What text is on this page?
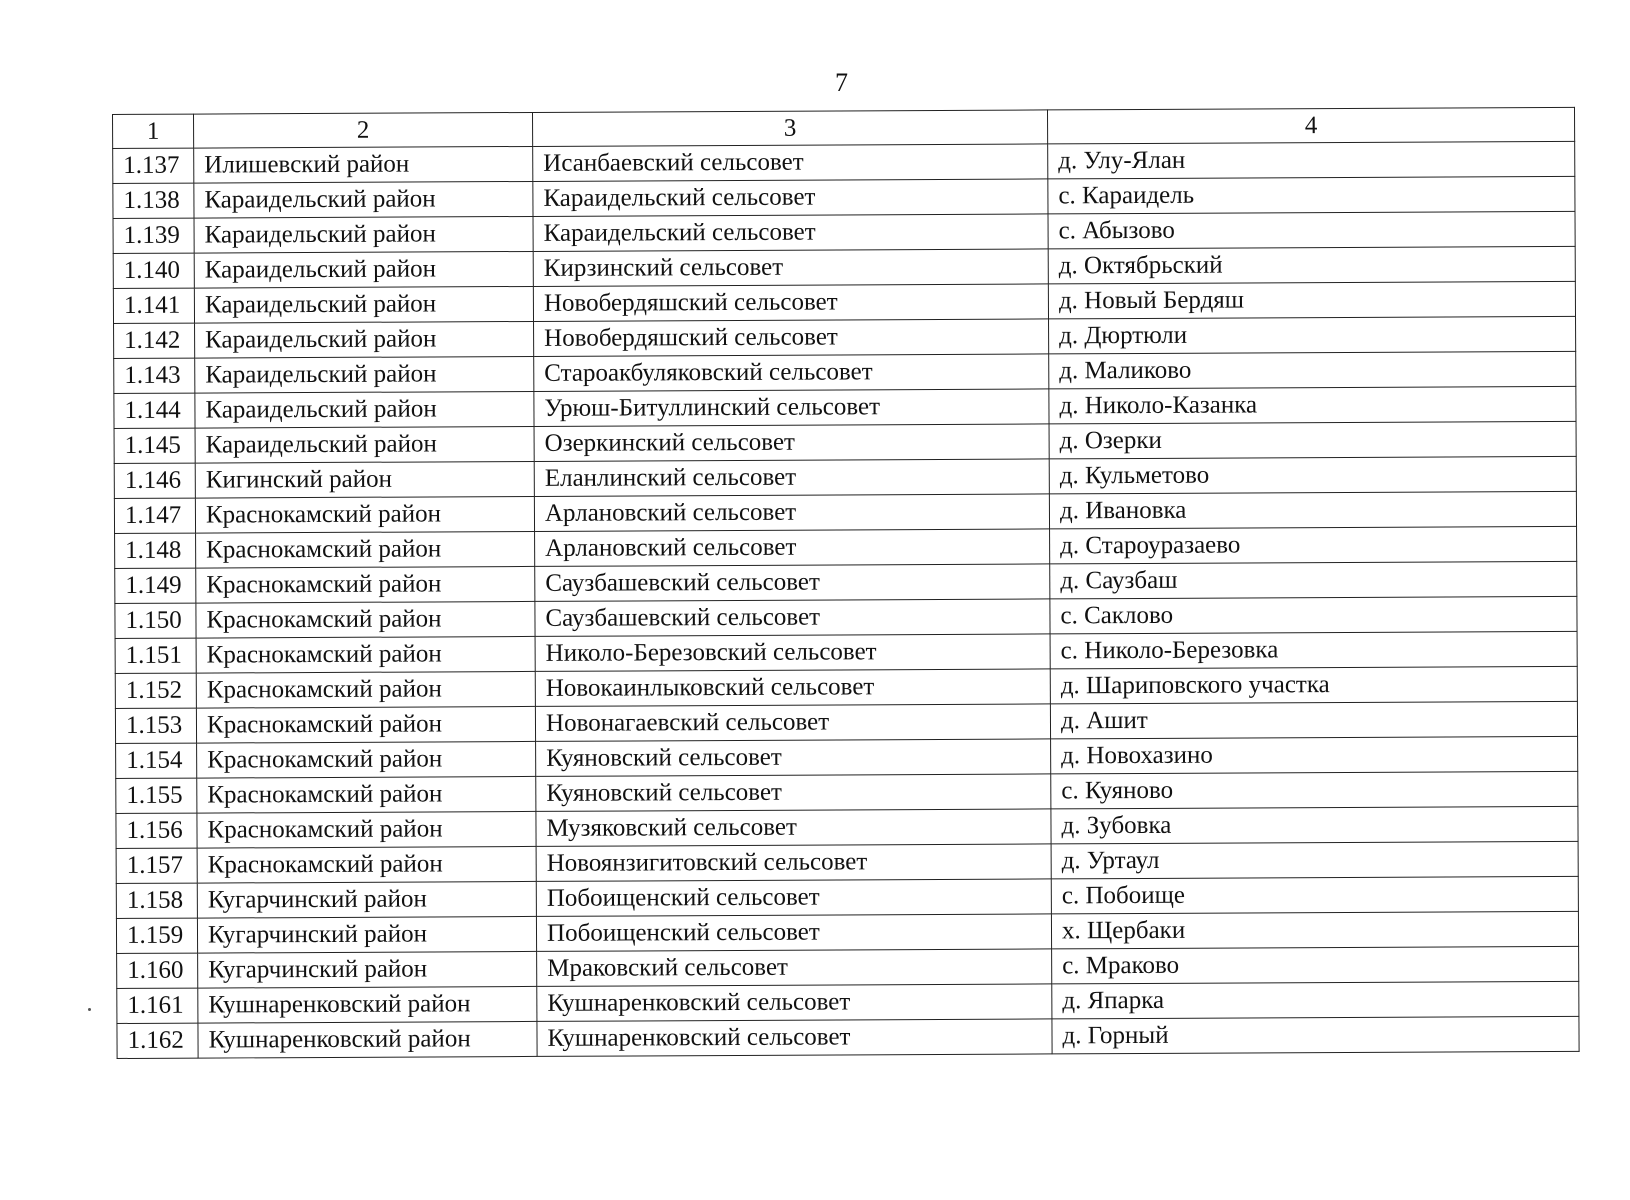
7
1	2	3	4
1.137	Илишевский район	Исанбаевский сельсовет	д. Улу-Ялан
1.138	Караидельский район	Караидельский сельсовет	с. Караидель
1.139	Караидельский район	Караидельский сельсовет	с. Абызово
1.140	Караидельский район	Кирзинский сельсовет	д. Октябрьский
1.141	Караидельский район	Новобердяшский сельсовет	д. Новый Бердяш
1.142	Караидельский район	Новобердяшский сельсовет	д. Дюртюли
1.143	Караидельский район	Староакбуляковский сельсовет	д. Маликово
1.144	Караидельский район	Урюш-Битуллинский сельсовет	д. Николо-Казанка
1.145	Караидельский район	Озеркинский сельсовет	д. Озерки
1.146	Кигинский район	Еланлинский сельсовет	д. Кульметово
1.147	Краснокамский район	Арлановский сельсовет	д. Ивановка
1.148	Краснокамский район	Арлановский сельсовет	д. Староуразаево
1.149	Краснокамский район	Саузбашевский сельсовет	д. Саузбаш
1.150	Краснокамский район	Саузбашевский сельсовет	с. Саклово
1.151	Краснокамский район	Николо-Березовский сельсовет	с. Николо-Березовка
1.152	Краснокамский район	Новокаинлыковский сельсовет	д. Шариповского участка
1.153	Краснокамский район	Новонагаевский сельсовет	д. Ашит
1.154	Краснокамский район	Куяновский сельсовет	д. Новохазино
1.155	Краснокамский район	Куяновский сельсовет	с. Куяново
1.156	Краснокамский район	Музяковский сельсовет	д. Зубовка
1.157	Краснокамский район	Новоянзигитовский сельсовет	д. Уртаул
1.158	Кугарчинский район	Побоищенский сельсовет	с. Побоище
1.159	Кугарчинский район	Побоищенский сельсовет	х. Щербаки
1.160	Кугарчинский район	Мраковский сельсовет	с. Мраково
1.161	Кушнаренковский район	Кушнаренковский сельсовет	д. Япарка
1.162	Кушнаренковский район	Кушнаренковский сельсовет	д. Горный
